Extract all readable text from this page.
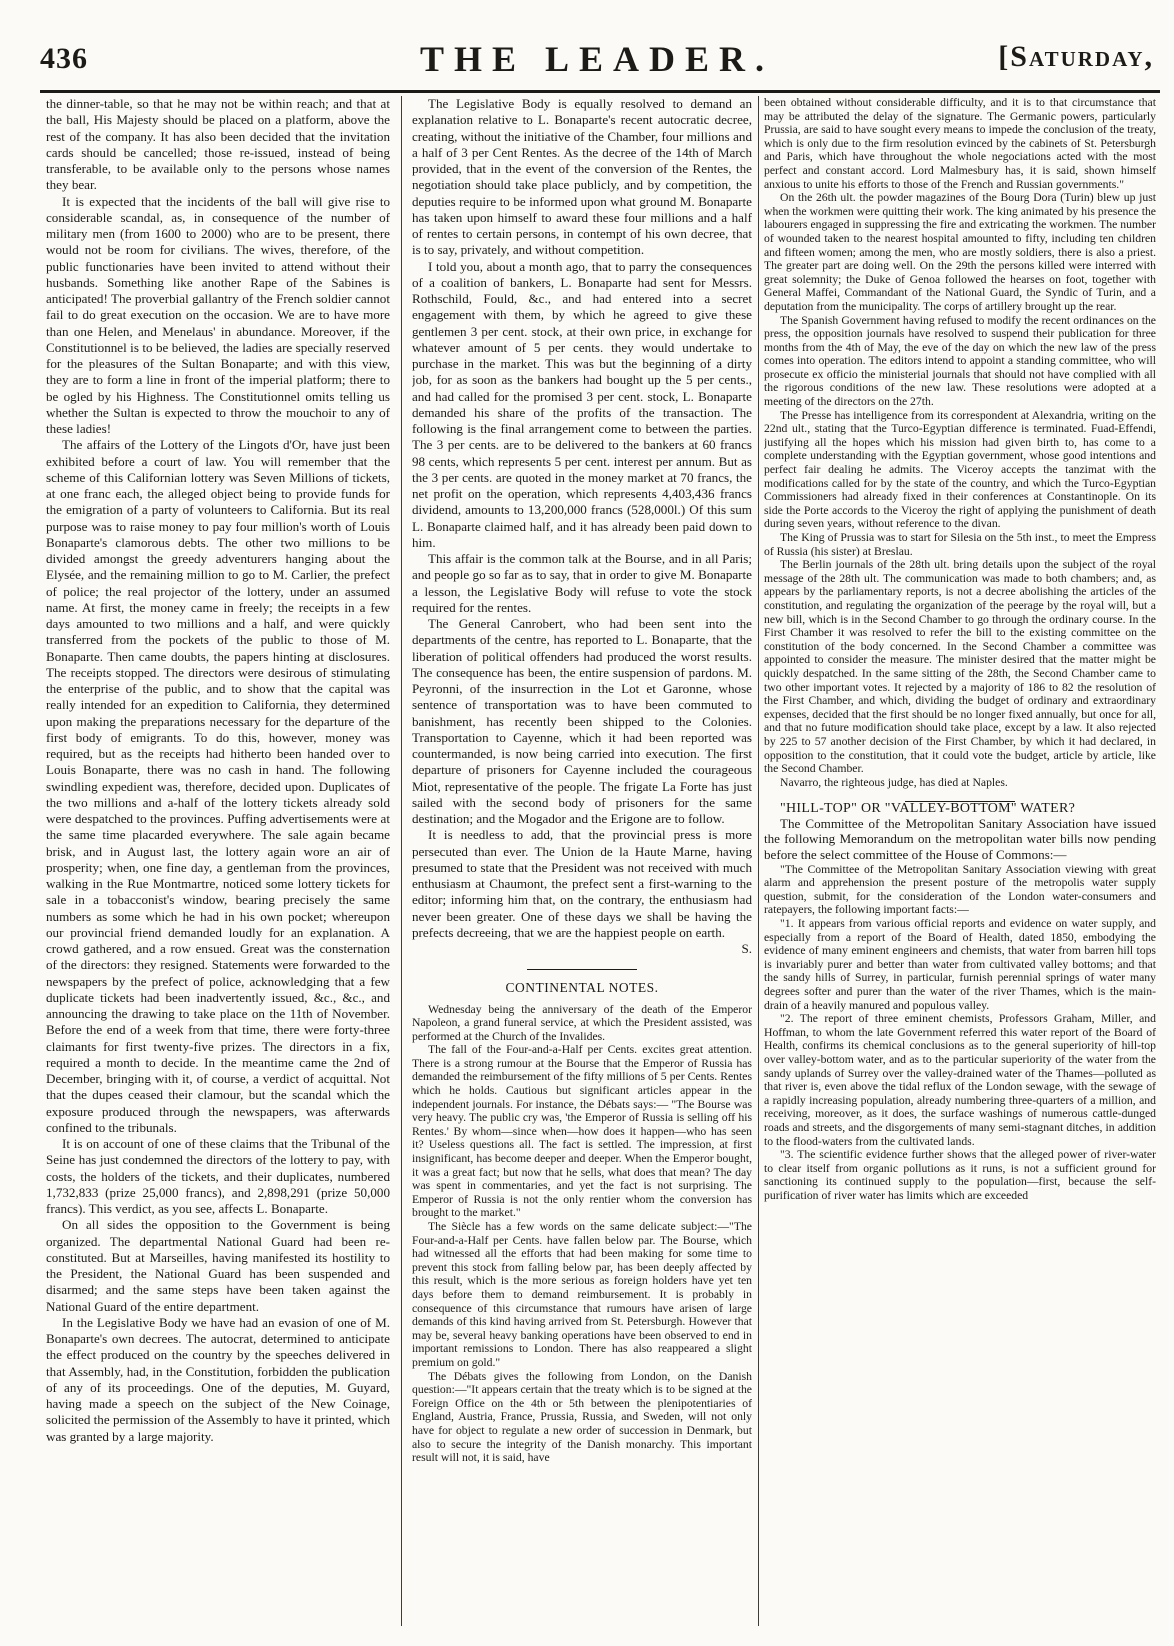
436	THE LEADER.	[Saturday,

the dinner-table, so that he may not be within reach; and that at the ball, His Majesty should be placed on a platform, above the rest of the company. It has also been decided that the invitation cards should be cancelled; those re-issued, instead of being transferable, to be available only to the persons whose names they bear.

It is expected that the incidents of the ball will give rise to considerable scandal, as, in consequence of the number of military men (from 1600 to 2000) who are to be present, there would not be room for civilians. The wives, therefore, of the public functionaries have been invited to attend without their husbands. Something like another Rape of the Sabines is anticipated! The proverbial gallantry of the French soldier cannot fail to do great execution on the occasion. We are to have more than one Helen, and Menelaus' in abundance. Moreover, if the Constitutionnel is to be believed, the ladies are specially reserved for the pleasures of the Sultan Bonaparte; and with this view, they are to form a line in front of the imperial platform; there to be ogled by his Highness. The Constitutionnel omits telling us whether the Sultan is expected to throw the mouchoir to any of these ladies!

The affairs of the Lottery of the Lingots d'Or, have just been exhibited before a court of law. You will remember that the scheme of this Californian lottery was Seven Millions of tickets, at one franc each, the alleged object being to provide funds for the emigration of a party of volunteers to California. But its real purpose was to raise money to pay four million's worth of Louis Bonaparte's clamorous debts. The other two millions to be divided amongst the greedy adventurers hanging about the Elysée, and the remaining million to go to M. Carlier, the prefect of police; the real projector of the lottery, under an assumed name. At first, the money came in freely; the receipts in a few days amounted to two millions and a half, and were quickly transferred from the pockets of the public to those of M. Bonaparte. Then came doubts, the papers hinting at disclosures. The receipts stopped. The directors were desirous of stimulating the enterprise of the public, and to show that the capital was really intended for an expedition to California, they determined upon making the preparations necessary for the departure of the first body of emigrants. To do this, however, money was required, but as the receipts had hitherto been handed over to Louis Bonaparte, there was no cash in hand. The following swindling expedient was, therefore, decided upon. Duplicates of the two millions and a-half of the lottery tickets already sold were despatched to the provinces. Puffing advertisements were at the same time placarded everywhere. The sale again became brisk, and in August last, the lottery again wore an air of prosperity; when, one fine day, a gentleman from the provinces, walking in the Rue Montmartre, noticed some lottery tickets for sale in a tobacconist's window, bearing precisely the same numbers as some which he had in his own pocket; whereupon our provincial friend demanded loudly for an explanation. A crowd gathered, and a row ensued. Great was the consternation of the directors: they resigned. Statements were forwarded to the newspapers by the prefect of police, acknowledging that a few duplicate tickets had been inadvertently issued, &c., &c., and announcing the drawing to take place on the 11th of November. Before the end of a week from that time, there were forty-three claimants for first twenty-five prizes. The directors in a fix, required a month to decide. In the meantime came the 2nd of December, bringing with it, of course, a verdict of acquittal. Not that the dupes ceased their clamour, but the scandal which the exposure produced through the newspapers, was afterwards confined to the tribunals.

It is on account of one of these claims that the Tribunal of the Seine has just condemned the directors of the lottery to pay, with costs, the holders of the tickets, and their duplicates, numbered 1,732,833 (prize 25,000 francs), and 2,898,291 (prize 50,000 francs). This verdict, as you see, affects L. Bonaparte.

On all sides the opposition to the Government is being organized. The departmental National Guard had been re-constituted. But at Marseilles, having manifested its hostility to the President, the National Guard has been suspended and disarmed; and the same steps have been taken against the National Guard of the entire department.

In the Legislative Body we have had an evasion of one of M. Bonaparte's own decrees. The autocrat, determined to anticipate the effect produced on the country by the speeches delivered in that Assembly, had, in the Constitution, forbidden the publication of any of its proceedings. One of the deputies, M. Guyard, having made a speech on the subject of the New Coinage, solicited the permission of the Assembly to have it printed, which was granted by a large majority.

The Legislative Body is equally resolved to demand an explanation relative to L. Bonaparte's recent autocratic decree, creating, without the initiative of the Chamber, four millions and a half of 3 per Cent Rentes. As the decree of the 14th of March provided, that in the event of the conversion of the Rentes, the negotiation should take place publicly, and by competition, the deputies require to be informed upon what ground M. Bonaparte has taken upon himself to award these four millions and a half of rentes to certain persons, in contempt of his own decree, that is to say, privately, and without competition.

I told you, about a month ago, that to parry the consequences of a coalition of bankers, L. Bonaparte had sent for Messrs. Rothschild, Fould, &c., and had entered into a secret engagement with them, by which he agreed to give these gentlemen 3 per cent. stock, at their own price, in exchange for whatever amount of 5 per cents. they would undertake to purchase in the market. This was but the beginning of a dirty job, for as soon as the bankers had bought up the 5 per cents., and had called for the promised 3 per cent. stock, L. Bonaparte demanded his share of the profits of the transaction. The following is the final arrangement come to between the parties. The 3 per cents. are to be delivered to the bankers at 60 francs 98 cents, which represents 5 per cent. interest per annum. But as the 3 per cents. are quoted in the money market at 70 francs, the net profit on the operation, which represents 4,403,436 francs dividend, amounts to 13,200,000 francs (528,000l.) Of this sum L. Bonaparte claimed half, and it has already been paid down to him.

This affair is the common talk at the Bourse, and in all Paris; and people go so far as to say, that in order to give M. Bonaparte a lesson, the Legislative Body will refuse to vote the stock required for the rentes.

The General Canrobert, who had been sent into the departments of the centre, has reported to L. Bonaparte, that the liberation of political offenders had produced the worst results. The consequence has been, the entire suspension of pardons. M. Peyronni, of the insurrection in the Lot et Garonne, whose sentence of transportation was to have been commuted to banishment, has recently been shipped to the Colonies. Transportation to Cayenne, which it had been reported was countermanded, is now being carried into execution. The first departure of prisoners for Cayenne included the courageous Miot, representative of the people. The frigate La Forte has just sailed with the second body of prisoners for the same destination; and the Mogador and the Erigone are to follow.

It is needless to add, that the provincial press is more persecuted than ever. The Union de la Haute Marne, having presumed to state that the President was not received with much enthusiasm at Chaumont, the prefect sent a first-warning to the editor; informing him that, on the contrary, the enthusiasm had never been greater. One of these days we shall be having the prefects decreeing, that we are the happiest people on earth.

S.

CONTINENTAL NOTES.

Wednesday being the anniversary of the death of the Emperor Napoleon, a grand funeral service, at which the President assisted, was performed at the Church of the Invalides.

The fall of the Four-and-a-Half per Cents. excites great attention. There is a strong rumour at the Bourse that the Emperor of Russia has demanded the reimbursement of the fifty millions of 5 per Cents. Rentes which he holds. Cautious but significant articles appear in the independent journals. For instance, the Débats says:— "The Bourse was very heavy. The public cry was, 'the Emperor of Russia is selling off his Rentes.' By whom—since when—how does it happen—who has seen it? Useless questions all. The fact is settled. The impression, at first insignificant, has become deeper and deeper. When the Emperor bought, it was a great fact; but now that he sells, what does that mean? The day was spent in commentaries, and yet the fact is not surprising. The Emperor of Russia is not the only rentier whom the conversion has brought to the market."

The Siècle has a few words on the same delicate subject:—"The Four-and-a-Half per Cents. have fallen below par. The Bourse, which had witnessed all the efforts that had been making for some time to prevent this stock from falling below par, has been deeply affected by this result, which is the more serious as foreign holders have yet ten days before them to demand reimbursement. It is probably in consequence of this circumstance that rumours have arisen of large demands of this kind having arrived from St. Petersburgh. However that may be, several heavy banking operations have been observed to end in important remissions to London. There has also reappeared a slight premium on gold."

The Débats gives the following from London, on the Danish question:—"It appears certain that the treaty which is to be signed at the Foreign Office on the 4th or 5th between the plenipotentiaries of England, Austria, France, Prussia, Russia, and Sweden, will not only have for object to regulate a new order of succession in Denmark, but also to secure the integrity of the Danish monarchy. This important result will not, it is said, have

been obtained without considerable difficulty, and it is to that circumstance that may be attributed the delay of the signature. The Germanic powers, particularly Prussia, are said to have sought every means to impede the conclusion of the treaty, which is only due to the firm resolution evinced by the cabinets of St. Petersburgh and Paris, which have throughout the whole negociations acted with the most perfect and constant accord. Lord Malmesbury has, it is said, shown himself anxious to unite his efforts to those of the French and Russian governments."

On the 26th ult. the powder magazines of the Bourg Dora (Turin) blew up just when the workmen were quitting their work. The king animated by his presence the labourers engaged in suppressing the fire and extricating the workmen. The number of wounded taken to the nearest hospital amounted to fifty, including ten children and fifteen women; among the men, who are mostly soldiers, there is also a priest. The greater part are doing well. On the 29th the persons killed were interred with great solemnity; the Duke of Genoa followed the hearses on foot, together with General Maffei, Commandant of the National Guard, the Syndic of Turin, and a deputation from the municipality. The corps of artillery brought up the rear.

The Spanish Government having refused to modify the recent ordinances on the press, the opposition journals have resolved to suspend their publication for three months from the 4th of May, the eve of the day on which the new law of the press comes into operation. The editors intend to appoint a standing committee, who will prosecute ex officio the ministerial journals that should not have complied with all the rigorous conditions of the new law. These resolutions were adopted at a meeting of the directors on the 27th.

The Presse has intelligence from its correspondent at Alexandria, writing on the 22nd ult., stating that the Turco-Egyptian difference is terminated. Fuad-Effendi, justifying all the hopes which his mission had given birth to, has come to a complete understanding with the Egyptian government, whose good intentions and perfect fair dealing he admits. The Viceroy accepts the tanzimat with the modifications called for by the state of the country, and which the Turco-Egyptian Commissioners had already fixed in their conferences at Constantinople. On its side the Porte accords to the Viceroy the right of applying the punishment of death during seven years, without reference to the divan.

The King of Prussia was to start for Silesia on the 5th inst., to meet the Empress of Russia (his sister) at Breslau.

The Berlin journals of the 28th ult. bring details upon the subject of the royal message of the 28th ult. The communication was made to both chambers; and, as appears by the parliamentary reports, is not a decree abolishing the articles of the constitution, and regulating the organization of the peerage by the royal will, but a new bill, which is in the Second Chamber to go through the ordinary course. In the First Chamber it was resolved to refer the bill to the existing committee on the constitution of the body concerned. In the Second Chamber a committee was appointed to consider the measure. The minister desired that the matter might be quickly despatched. In the same sitting of the 28th, the Second Chamber came to two other important votes. It rejected by a majority of 186 to 82 the resolution of the First Chamber, and which, dividing the budget of ordinary and extraordinary expenses, decided that the first should be no longer fixed annually, but once for all, and that no future modification should take place, except by a law. It also rejected by 225 to 57 another decision of the First Chamber, by which it had declared, in opposition to the constitution, that it could vote the budget, article by article, like the Second Chamber.

Navarro, the righteous judge, has died at Naples.

"HILL-TOP" OR "VALLEY-BOTTOM" WATER?

The Committee of the Metropolitan Sanitary Association have issued the following Memorandum on the metropolitan water bills now pending before the select committee of the House of Commons:—

"The Committee of the Metropolitan Sanitary Association viewing with great alarm and apprehension the present posture of the metropolis water supply question, submit, for the consideration of the London water-consumers and ratepayers, the following important facts:—

"1. It appears from various official reports and evidence on water supply, and especially from a report of the Board of Health, dated 1850, embodying the evidence of many eminent engineers and chemists, that water from barren hill tops is invariably purer and better than water from cultivated valley bottoms; and that the sandy hills of Surrey, in particular, furnish perennial springs of water many degrees softer and purer than the water of the river Thames, which is the main-drain of a heavily manured and populous valley.

"2. The report of three eminent chemists, Professors Graham, Miller, and Hoffman, to whom the late Government referred this water report of the Board of Health, confirms its chemical conclusions as to the general superiority of hill-top over valley-bottom water, and as to the particular superiority of the water from the sandy uplands of Surrey over the valley-drained water of the Thames—polluted as that river is, even above the tidal reflux of the London sewage, with the sewage of a rapidly increasing population, already numbering three-quarters of a million, and receiving, moreover, as it does, the surface washings of numerous cattle-dunged roads and streets, and the disgorgements of many semi-stagnant ditches, in addition to the flood-waters from the cultivated lands.

"3. The scientific evidence further shows that the alleged power of river-water to clear itself from organic pollutions as it runs, is not a sufficient ground for sanctioning its continued supply to the population—first, because the self-purification of river water has limits which are exceeded
